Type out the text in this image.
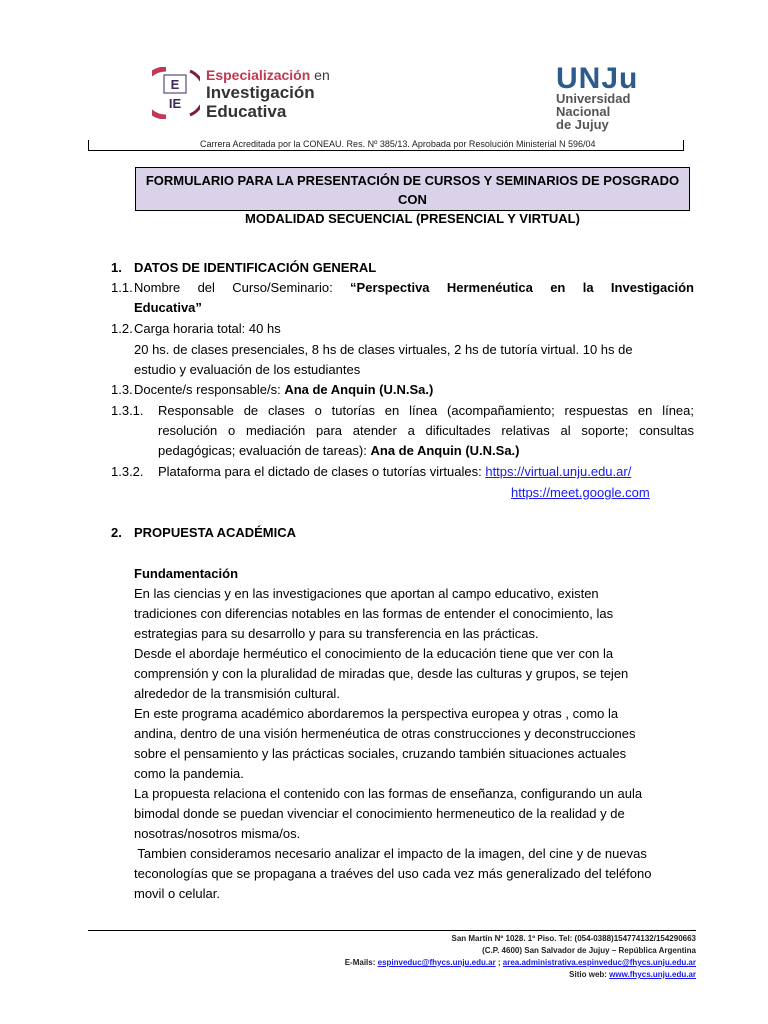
E
IE
Especialización en
Investigación
Educativa
UNJu
Universidad
Nacional
de Jujuy
Carrera Acreditada por la CONEAU. Res. Nº 385/13. Aprobada por Resolución Ministerial N 596/04
FORMULARIO PARA LA PRESENTACIÓN DE CURSOS Y SEMINARIOS DE POSGRADO CON
MODALIDAD SECUENCIAL (PRESENCIAL Y VIRTUAL)
1. DATOS DE IDENTIFICACIÓN GENERAL
1.1. Nombre del Curso/Seminario: “Perspectiva Hermenéutica en la Investigación
Educativa”
1.2. Carga horaria total: 40 hs
20 hs. de clases presenciales, 8 hs de clases virtuales, 2 hs de tutoría virtual. 10 hs de
estudio y evaluación de los estudiantes
1.3. Docente/s responsable/s: Ana de Anquin (U.N.Sa.)
1.3.1. Responsable de clases o tutorías en línea (acompañamiento; respuestas en línea;
resolución o mediación para atender a dificultades relativas al soporte; consultas
pedagógicas; evaluación de tareas): Ana de Anquin (U.N.Sa.)
1.3.2. Plataforma para el dictado de clases o tutorías virtuales: https://virtual.unju.edu.ar/
https://meet.google.com
2. PROPUESTA ACADÉMICA
Fundamentación
En las ciencias y en las investigaciones que aportan al campo educativo, existen
tradiciones con diferencias notables en las formas de entender el conocimiento, las
estrategias para su desarrollo y para su transferencia en las prácticas.
Desde el abordaje herméutico el conocimiento de la educación tiene que ver con la
comprensión y con la pluralidad de miradas que, desde las culturas y grupos, se tejen
alrededor de la transmisión cultural.
En este programa académico abordaremos la perspectiva europea y otras , como la
andina, dentro de una visión hermenéutica de otras construcciones y deconstrucciones
sobre el pensamiento y las prácticas sociales, cruzando también situaciones actuales
como la pandemia.
La propuesta relaciona el contenido con las formas de enseñanza, configurando un aula
bimodal donde se puedan vivenciar el conocimiento hermeneutico de la realidad y de
nosotras/nosotros misma/os.
Tambien consideramos necesario analizar el impacto de la imagen, del cine y de nuevas
teconologías que se propagana a traéves del uso cada vez más generalizado del teléfono
movil o celular.
San Martín Nº 1028. 1º Piso. Tel: (054-0388)154774132/154290663
(C.P. 4600) San Salvador de Jujuy – República Argentina
E-Mails: espinveduc@fhycs.unju.edu.ar ; area.administrativa.espinveduc@fhycs.unju.edu.ar
Sitio web: www.fhycs.unju.edu.ar
